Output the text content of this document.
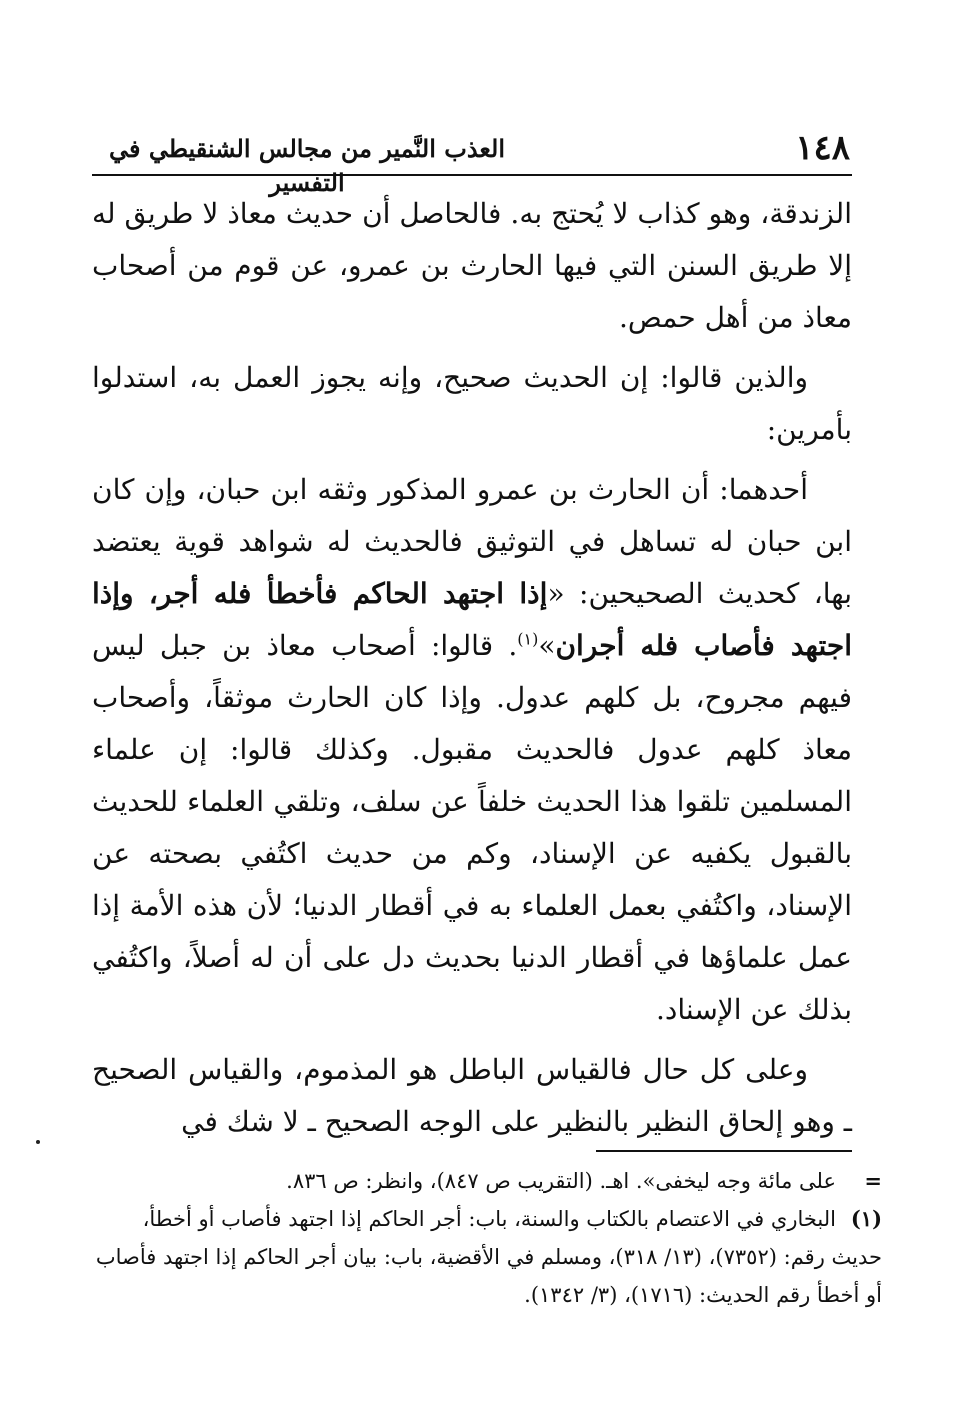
١٤٨
العذب النَّمير من مجالس الشنقيطي في التفسير

الزندقة، وهو كذاب لا يُحتج به. فالحاصل أن حديث معاذ لا طريق له إلا طريق السنن التي فيها الحارث بن عمرو، عن قوم من أصحاب معاذ من أهل حمص.

والذين قالوا: إن الحديث صحيح، وإنه يجوز العمل به، استدلوا بأمرين:

أحدهما: أن الحارث بن عمرو المذكور وثقه ابن حبان، وإن كان ابن حبان له تساهل في التوثيق فالحديث له شواهد قوية يعتضد بها، كحديث الصحيحين: «إذا اجتهد الحاكم فأخطأ فله أجر، وإذا اجتهد فأصاب فله أجران»$^{(١)}$. قالوا: أصحاب معاذ بن جبل ليس فيهم مجروح، بل كلهم عدول. وإذا كان الحارث موثقاً، وأصحاب معاذ كلهم عدول فالحديث مقبول. وكذلك قالوا: إن علماء المسلمين تلقوا هذا الحديث خلفاً عن سلف، وتلقي العلماء للحديث بالقبول يكفيه عن الإسناد، وكم من حديث اكتُفي بصحته عن الإسناد، واكتُفي بعمل العلماء به في أقطار الدنيا؛ لأن هذه الأمة إذا عمل علماؤها في أقطار الدنيا بحديث دل على أن له أصلاً، واكتُفي بذلك عن الإسناد.

وعلى كل حال فالقياس الباطل هو المذموم، والقياس الصحيح ـ وهو إلحاق النظير بالنظير على الوجه الصحيح ـ لا شك في

=على مائة وجه ليخفى». اهـ. (التقريب ص ٨٤٧)، وانظر: ص ٨٣٦.
(١)البخاري في الاعتصام بالكتاب والسنة، باب: أجر الحاكم إذا اجتهد فأصاب أو أخطأ، حديث رقم: (٧٣٥٢)، (١٣/ ٣١٨)، ومسلم في الأقضية، باب: بيان أجر الحاكم إذا اجتهد فأصاب أو أخطأ رقم الحديث: (١٧١٦)، (٣/ ١٣٤٢).
